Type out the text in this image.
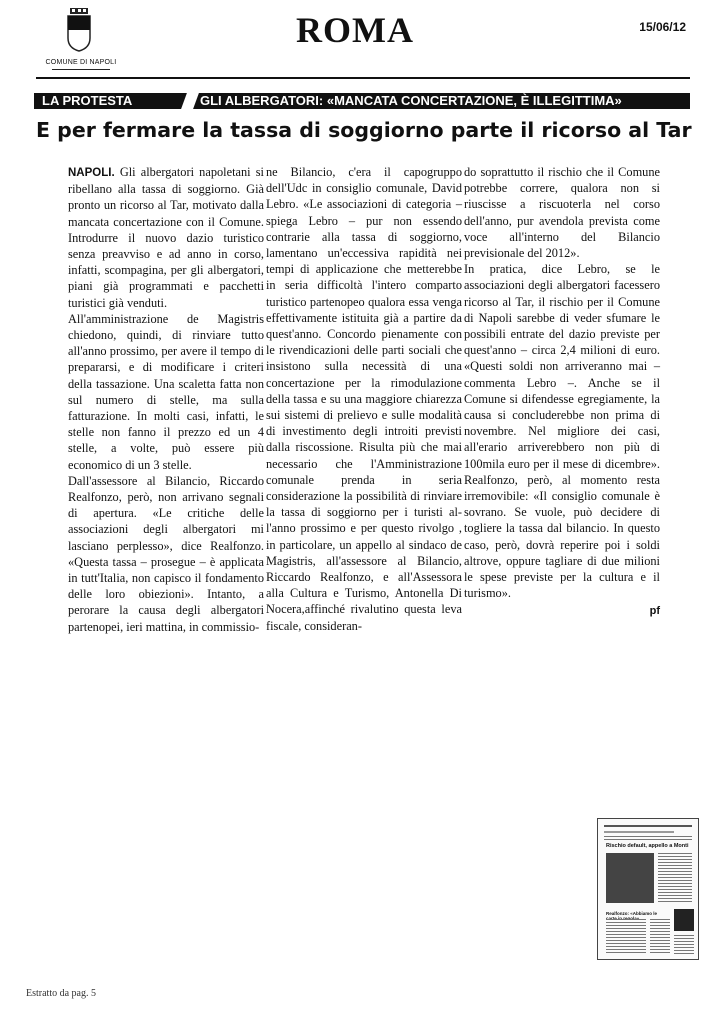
COMUNE DI NAPOLI
ROMA	15/06/12
LA PROTESTA	GLI ALBERGATORI: «MANCATA CONCERTAZIONE, È ILLEGITTIMA»
E per fermare la tassa di soggiorno parte il ricorso al Tar

NAPOLI. Gli albergatori napoletani si ribellano alla tassa di soggiorno. Già pronto un ricorso al Tar, motivato dalla mancata concertazione con il Comune. Introdurre il nuovo dazio turistico senza preavviso e ad anno in corso, infatti, scompagina, per gli albergatori, piani già programmati e pacchetti turistici già venduti.

All'amministrazione de Magistris chiedono, quindi, di rinviare tutto all'anno prossimo, per avere il tempo di prepararsi, e di modificare i criteri della tassazione. Una scaletta fatta non sul numero di stelle, ma sulla fatturazione. In molti casi, infatti, le stelle non fanno il prezzo ed un 4 stelle, a volte, può essere più economico di un 3 stelle.

Dall'assessore al Bilancio, Riccardo Realfonzo, però, non arrivano segnali di apertura. «Le critiche delle associazioni degli albergatori mi lasciano perplesso», dice Realfonzo. «Questa tassa – prosegue – è applicata in tutt'Italia, non capisco il fondamento delle loro obiezioni». Intanto, a perorare la causa degli albergatori partenopei, ieri mattina, in commissio-

ne Bilancio, c'era il capogruppo dell'Udc in consiglio comunale, David Lebro. «Le associazioni di categoria – spiega Lebro – pur non essendo contrarie alla tassa di soggiorno, lamentano un'eccessiva rapidità nei tempi di applicazione che metterebbe in seria difficoltà l'intero comparto turistico partenopeo qualora essa venga effettivamente istituita già a partire da quest'anno. Concordo pienamente con le rivendicazioni delle parti sociali che insistono sulla necessità di una concertazione per la rimodulazione della tassa e su una maggiore chiarezza sui sistemi di prelievo e sulle modalità di investimento degli introiti previsti dalla riscossione. Risulta più che mai necessario che l'Amministrazione comunale prenda in seria considerazione la possibilità di rinviare la tassa di soggiorno per i turisti al-l'anno prossimo e per questo rivolgo , in particolare, un appello al sindaco de Magistris, all'assessore al Bilancio, Riccardo Realfonzo, e all'Assessora alla Cultura e Turismo, Antonella Di Nocera,affinché rivalutino questa leva fiscale, consideran-

do soprattutto il rischio che il Comune potrebbe correre, qualora non si riuscisse a riscuoterla nel corso dell'anno, pur avendola prevista come voce all'interno del Bilancio previsionale del 2012».

In pratica, dice Lebro, se le associazioni degli albergatori facessero ricorso al Tar, il rischio per il Comune di Napoli sarebbe di veder sfumare le possibili entrate del dazio previste per quest'anno – circa 2,4 milioni di euro. «Questi soldi non arriveranno mai – commenta Lebro –. Anche se il Comune si difendesse egregiamente, la causa si concluderebbe non prima di novembre. Nel migliore dei casi, all'erario arriverebbero non più di 100mila euro per il mese di dicembre». Realfonzo, però, al momento resta irremovibile: «Il consiglio comunale è sovrano. Se vuole, può decidere di togliere la tassa dal bilancio. In questo caso, però, dovrà reperire poi i soldi altrove, oppure tagliare di due milioni le spese previste per la cultura e il turismo».

pf
Rischio default, appello a Monti
Realfonzo: «Abbiamo le
Estratto da pag. 5
